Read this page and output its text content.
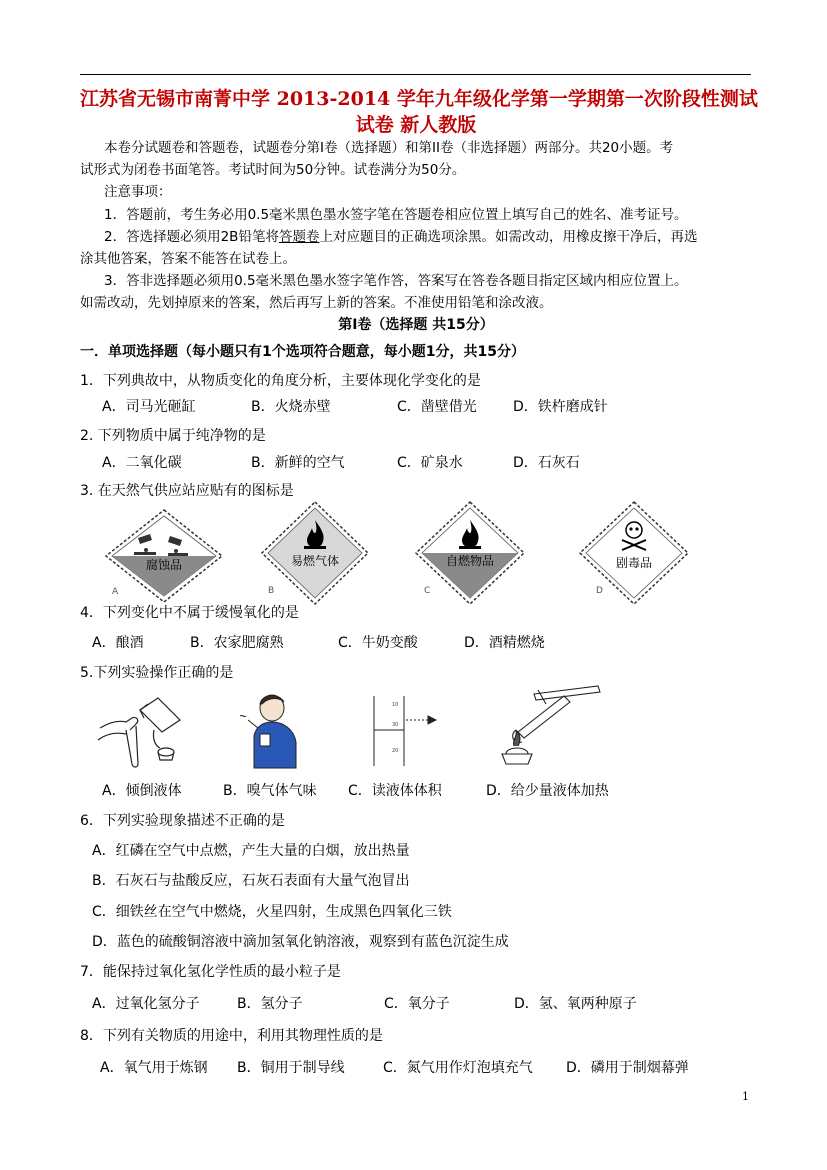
江苏省无锡市南菁中学 2013-2014 学年九年级化学第一学期第一次阶段性测试
试卷 新人教版
本卷分试题卷和答题卷，试题卷分第Ⅰ卷（选择题）和第II卷（非选择题）两部分。共20小题。考
试形式为闭卷书面笔答。考试时间为50分钟。试卷满分为50分。
注意事项：
1．答题前，考生务必用0.5毫米黑色墨水签字笔在答题卷相应位置上填写自己的姓名、准考证号。
2．答选择题必须用2B铅笔将答题卷上对应题目的正确选项涂黑。如需改动，用橡皮擦干净后，再选
涂其他答案，答案不能答在试卷上。
3．答非选择题必须用0.5毫米黑色墨水签字笔作答，答案写在答卷各题目指定区域内相应位置上。
如需改动，先划掉原来的答案，然后再写上新的答案。不准使用铅笔和涂改液。
第Ⅰ卷（选择题 共15分）
一．单项选择题（每小题只有1个选项符合题意，每小题1分，共15分）
1．下列典故中，从物质变化的角度分析，主要体现化学变化的是
A．司马光砸缸	B．火烧赤壁	C．凿壁借光	D．铁杵磨成针
2. 下列物质中属于纯净物的是
A．二氧化碳	B．新鲜的空气	C．矿泉水	D．石灰石
3. 在天然气供应站应贴有的图标是
腐蚀品
A
易燃气体
B
自燃物品
C
剧毒品
D
4．下列变化中不属于缓慢氧化的是
A．酿酒	B．农家肥腐熟	C．牛奶变酸	D．酒精燃烧
5.下列实验操作正确的是
10
30
20
A．倾倒液体	B．嗅气体气味 C．读液体体积	D．给少量液体加热
6．下列实验现象描述不正确的是
A．红磷在空气中点燃，产生大量的白烟，放出热量
B．石灰石与盐酸反应，石灰石表面有大量气泡冒出
C．细铁丝在空气中燃烧，火星四射，生成黑色四氧化三铁
D．蓝色的硫酸铜溶液中滴加氢氧化钠溶液，观察到有蓝色沉淀生成
7．能保持过氧化氢化学性质的最小粒子是
A．过氧化氢分子	B．氢分子	C．氧分子	D．氢、氧两种原子
8．下列有关物质的用途中，利用其物理性质的是
A．氧气用于炼钢 B．铜用于制导线	C．氮气用作灯泡填充气 D．磷用于制烟幕弹
1
